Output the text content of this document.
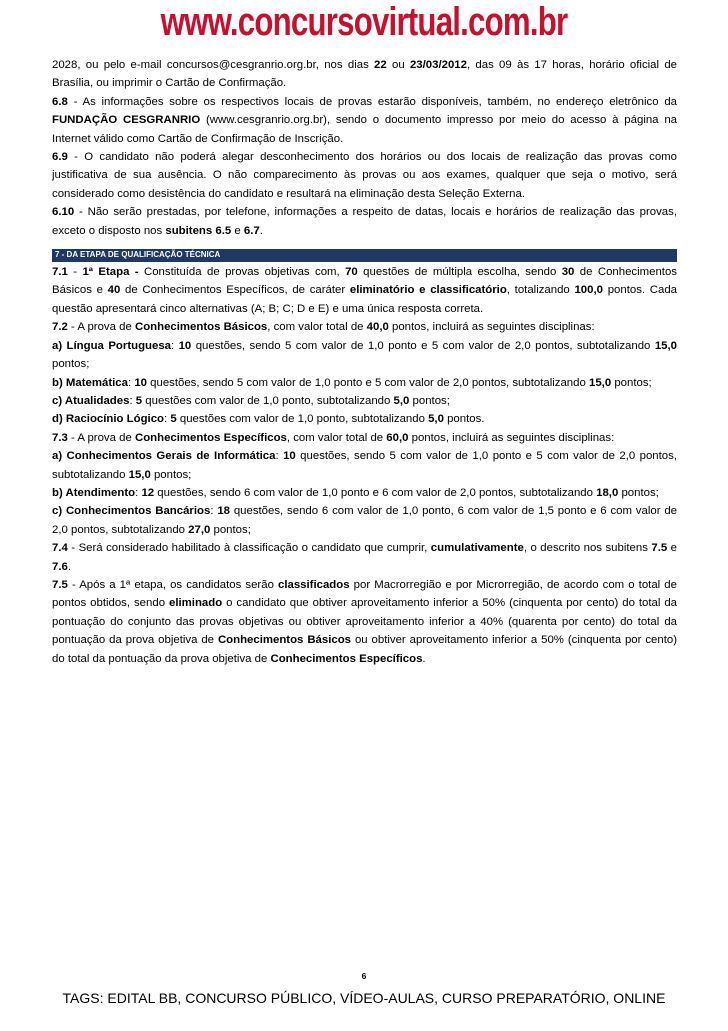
www.concursovirtual.com.br

2028, ou pelo e-mail concursos@cesgranrio.org.br, nos dias 22 ou 23/03/2012, das 09 às 17 horas, horário oficial de Brasília, ou imprimir o Cartão de Confirmação.

6.8 - As informações sobre os respectivos locais de provas estarão disponíveis, também, no endereço eletrônico da FUNDAÇÃO CESGRANRIO (www.cesgranrio.org.br), sendo o documento impresso por meio do acesso à página na Internet válido como Cartão de Confirmação de Inscrição.

6.9 - O candidato não poderá alegar desconhecimento dos horários ou dos locais de realização das provas como justificativa de sua ausência. O não comparecimento às provas ou aos exames, qualquer que seja o motivo, será considerado como desistência do candidato e resultará na eliminação desta Seleção Externa.

6.10 - Não serão prestadas, por telefone, informações a respeito de datas, locais e horários de realização das provas, exceto o disposto nos subitens 6.5 e 6.7.

7 - DA ETAPA DE QUALIFICAÇÃO TÉCNICA

7.1 - 1ª Etapa - Constituída de provas objetivas com, 70 questões de múltipla escolha, sendo 30 de Conhecimentos Básicos e 40 de Conhecimentos Específicos, de caráter eliminatório e classificatório, totalizando 100,0 pontos. Cada questão apresentará cinco alternativas (A; B; C; D e E) e uma única resposta correta.

7.2 - A prova de Conhecimentos Básicos, com valor total de 40,0 pontos, incluirá as seguintes disciplinas:

a) Língua Portuguesa: 10 questões, sendo 5 com valor de 1,0 ponto e 5 com valor de 2,0 pontos, subtotalizando 15,0 pontos;

b) Matemática: 10 questões, sendo 5 com valor de 1,0 ponto e 5 com valor de 2,0 pontos, subtotalizando 15,0 pontos;

c) Atualidades: 5 questões com valor de 1,0 ponto, subtotalizando 5,0 pontos;

d) Raciocínio Lógico: 5 questões com valor de 1,0 ponto, subtotalizando 5,0 pontos.

7.3 - A prova de Conhecimentos Específicos, com valor total de 60,0 pontos, incluirá as seguintes disciplinas:

a) Conhecimentos Gerais de Informática: 10 questões, sendo 5 com valor de 1,0 ponto e 5 com valor de 2,0 pontos, subtotalizando 15,0 pontos;

b) Atendimento: 12 questões, sendo 6 com valor de 1,0 ponto e 6 com valor de 2,0 pontos, subtotalizando 18,0 pontos;

c) Conhecimentos Bancários: 18 questões, sendo 6 com valor de 1,0 ponto, 6 com valor de 1,5 ponto e 6 com valor de 2,0 pontos, subtotalizando 27,0 pontos;

7.4 - Será considerado habilitado à classificação o candidato que cumprir, cumulativamente, o descrito nos subitens 7.5 e 7.6.

7.5 - Após a 1ª etapa, os candidatos serão classificados por Macrorregião e por Microrregião, de acordo com o total de pontos obtidos, sendo eliminado o candidato que obtiver aproveitamento inferior a 50% (cinquenta por cento) do total da pontuação do conjunto das provas objetivas ou obtiver aproveitamento inferior a 40% (quarenta por cento) do total da pontuação da prova objetiva de Conhecimentos Básicos ou obtiver aproveitamento inferior a 50% (cinquenta por cento) do total da pontuação da prova objetiva de Conhecimentos Específicos.

6
TAGS: EDITAL BB, CONCURSO PÚBLICO, VÍDEO-AULAS, CURSO PREPARATÓRIO, ONLINE
